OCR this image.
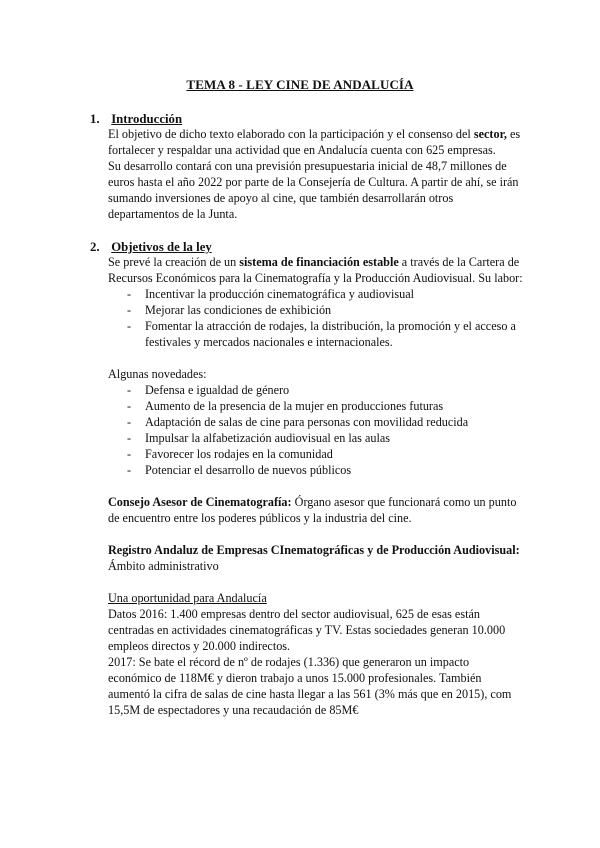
TEMA 8 - LEY CINE DE ANDALUCÍA
1. Introducción

El objetivo de dicho texto elaborado con la participación y el consenso del sector, es fortalecer y respaldar una actividad que en Andalucía cuenta con 625 empresas.

Su desarrollo contará con una previsión presupuestaria inicial de 48,7 millones de euros hasta el año 2022 por parte de la Consejería de Cultura. A partir de ahí, se irán sumando inversiones de apoyo al cine, que también desarrollarán otros departamentos de la Junta.

2. Objetivos de la ley

Se prevé la creación de un sistema de financiación estable a través de la Cartera de Recursos Económicos para la Cinematografía y la Producción Audiovisual. Su labor:

- Incentivar la producción cinematográfica y audiovisual
- Mejorar las condiciones de exhibición
- Fomentar la atracción de rodajes, la distribución, la promoción y el acceso a festivales y mercados nacionales e internacionales.

Algunas novedades:

- Defensa e igualdad de género
- Aumento de la presencia de la mujer en producciones futuras
- Adaptación de salas de cine para personas con movilidad reducida
- Impulsar la alfabetización audiovisual en las aulas
- Favorecer los rodajes en la comunidad
- Potenciar el desarrollo de nuevos públicos

Consejo Asesor de Cinematografía: Órgano asesor que funcionará como un punto de encuentro entre los poderes públicos y la industria del cine.

Registro Andaluz de Empresas CInematográficas y de Producción Audiovisual:

Ámbito administrativo

Una oportunidad para Andalucía

Datos 2016: 1.400 empresas dentro del sector audiovisual, 625 de esas están centradas en actividades cinematográficas y TV. Estas sociedades generan 10.000 empleos directos y 20.000 indirectos.

2017: Se bate el récord de nº de rodajes (1.336) que generaron un impacto económico de 118M€ y dieron trabajo a unos 15.000 profesionales. También aumentó la cifra de salas de cine hasta llegar a las 561 (3% más que en 2015), com 15,5M de espectadores y una recaudación de 85M€
